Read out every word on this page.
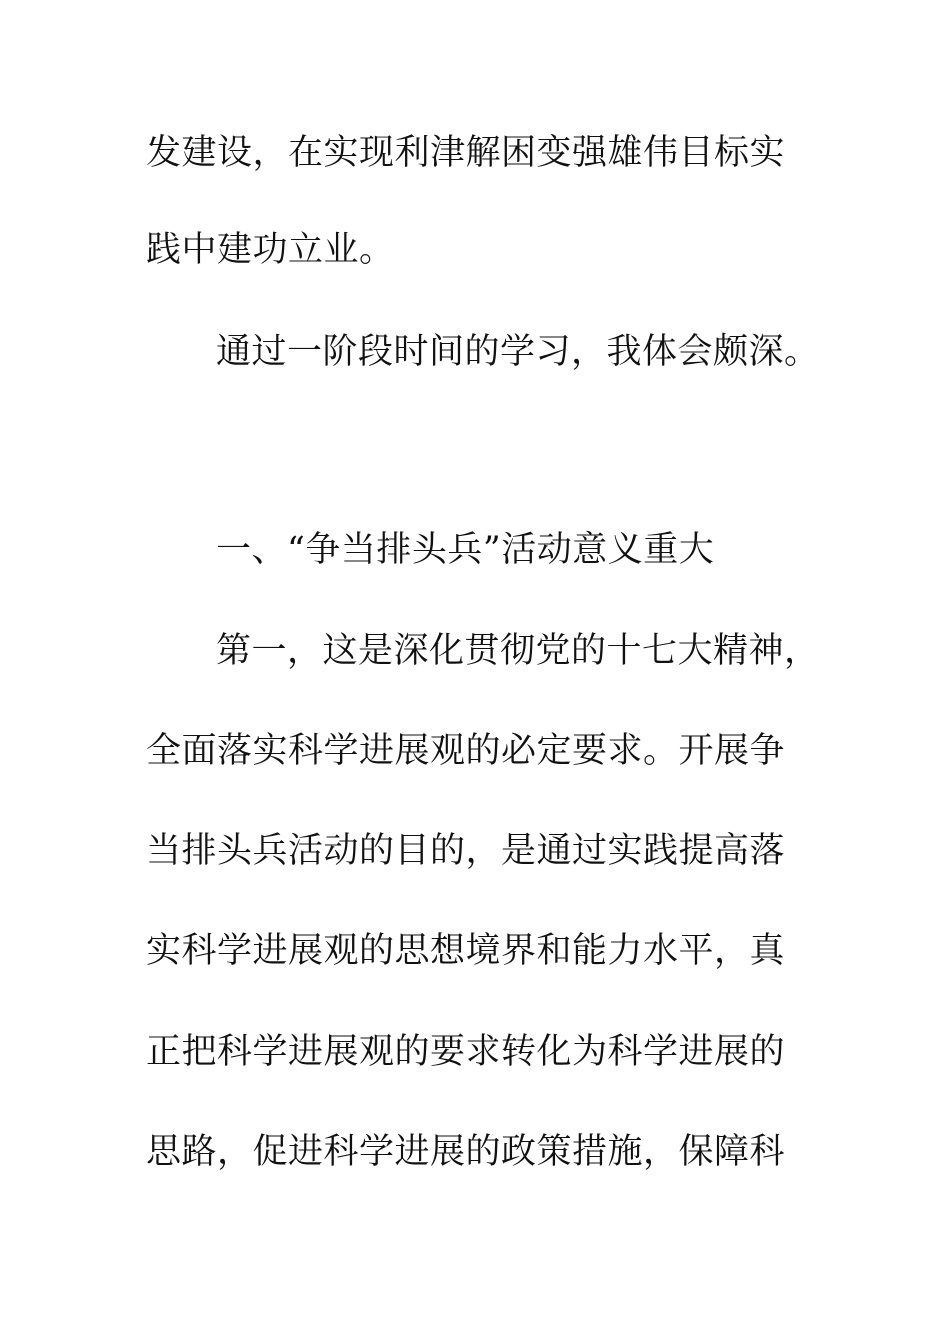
发建设，在实现利津解困变强雄伟目标实
践中建功立业。
通过一阶段时间的学习，我体会颇深。
一、“争当排头兵”活动意义重大
第一，这是深化贯彻党的十七大精神，
全面落实科学进展观的必定要求。开展争
当排头兵活动的目的，是通过实践提高落
实科学进展观的思想境界和能力水平，真
正把科学进展观的要求转化为科学进展的
思路，促进科学进展的政策措施，保障科
